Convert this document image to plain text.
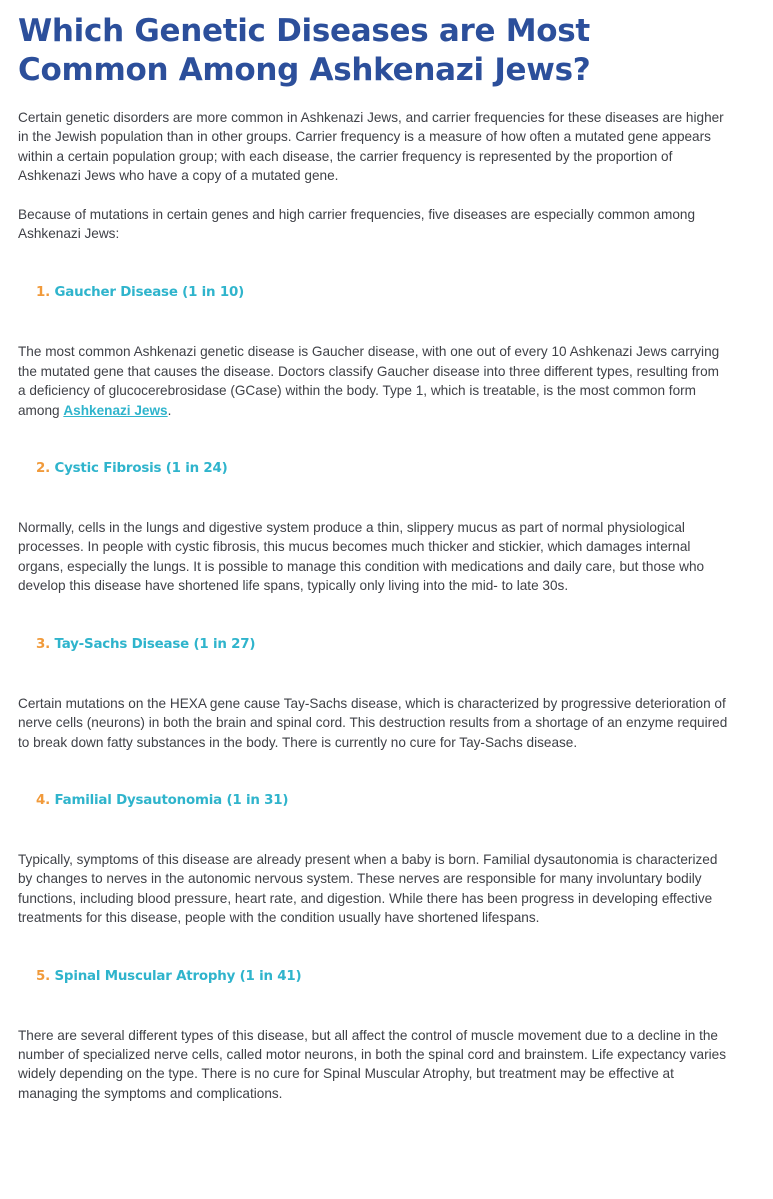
Which Genetic Diseases are Most Common Among Ashkenazi Jews?

Certain genetic disorders are more common in Ashkenazi Jews, and carrier frequencies for these diseases are higher in the Jewish population than in other groups. Carrier frequency is a measure of how often a mutated gene appears within a certain population group; with each disease, the carrier frequency is represented by the proportion of Ashkenazi Jews who have a copy of a mutated gene.

Because of mutations in certain genes and high carrier frequencies, five diseases are especially common among Ashkenazi Jews:

1. Gaucher Disease (1 in 10)

The most common Ashkenazi genetic disease is Gaucher disease, with one out of every 10 Ashkenazi Jews carrying the mutated gene that causes the disease. Doctors classify Gaucher disease into three different types, resulting from a deficiency of glucocerebrosidase (GCase) within the body. Type 1, which is treatable, is the most common form among Ashkenazi Jews.

2. Cystic Fibrosis (1 in 24)

Normally, cells in the lungs and digestive system produce a thin, slippery mucus as part of normal physiological processes. In people with cystic fibrosis, this mucus becomes much thicker and stickier, which damages internal organs, especially the lungs. It is possible to manage this condition with medications and daily care, but those who develop this disease have shortened life spans, typically only living into the mid- to late 30s.

3. Tay-Sachs Disease (1 in 27)

Certain mutations on the HEXA gene cause Tay-Sachs disease, which is characterized by progressive deterioration of nerve cells (neurons) in both the brain and spinal cord. This destruction results from a shortage of an enzyme required to break down fatty substances in the body. There is currently no cure for Tay-Sachs disease.

4. Familial Dysautonomia (1 in 31)

Typically, symptoms of this disease are already present when a baby is born. Familial dysautonomia is characterized by changes to nerves in the autonomic nervous system. These nerves are responsible for many involuntary bodily functions, including blood pressure, heart rate, and digestion. While there has been progress in developing effective treatments for this disease, people with the condition usually have shortened lifespans.

5. Spinal Muscular Atrophy (1 in 41)

There are several different types of this disease, but all affect the control of muscle movement due to a decline in the number of specialized nerve cells, called motor neurons, in both the spinal cord and brainstem. Life expectancy varies widely depending on the type. There is no cure for Spinal Muscular Atrophy, but treatment may be effective at managing the symptoms and complications.
